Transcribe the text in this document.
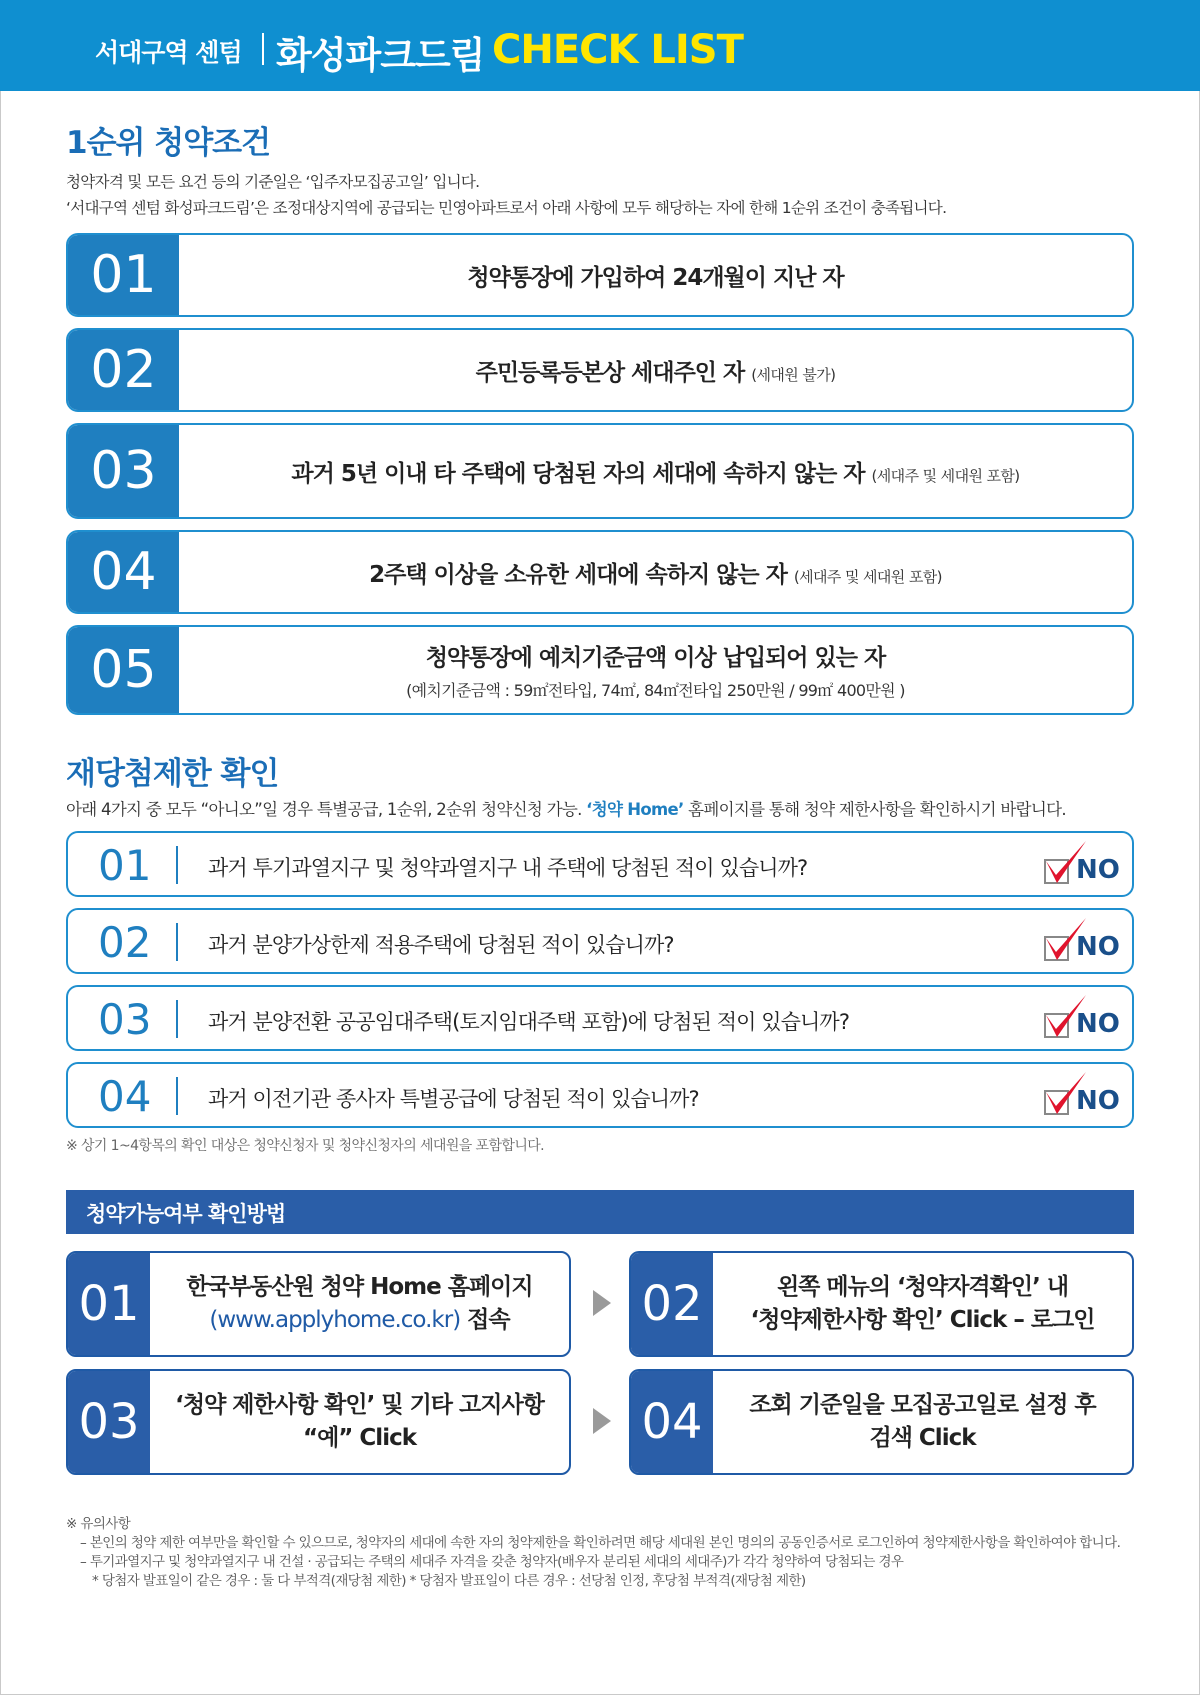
서대구역 센텀 화성파크드림 CHECK LIST
1순위 청약조건
청약자격 및 모든 요건 등의 기준일은 ‘입주자모집공고일’ 입니다.
‘서대구역 센텀 화성파크드림’은 조정대상지역에 공급되는 민영아파트로서 아래 사항에 모두 해당하는 자에 한해 1순위 조건이 충족됩니다.
01	청약통장에 가입하여 24개월이 지난 자
02	주민등록등본상 세대주인 자 (세대원 불가)
03	과거 5년 이내 타 주택에 당첨된 자의 세대에 속하지 않는 자 (세대주 및 세대원 포함)
04	2주택 이상을 소유한 세대에 속하지 않는 자 (세대주 및 세대원 포함)
05	청약통장에 예치기준금액 이상 납입되어 있는 자
(예치기준금액 : 59㎡전타입, 74㎡, 84㎡전타입 250만원 / 99㎡ 400만원 )
재당첨제한 확인
아래 4가지 중 모두 “아니오”일 경우 특별공급, 1순위, 2순위 청약신청 가능. ‘청약 Home’ 홈페이지를 통해 청약 제한사항을 확인하시기 바랍니다.
01	과거 투기과열지구 및 청약과열지구 내 주택에 당첨된 적이 있습니까?	NO
02	과거 분양가상한제 적용주택에 당첨된 적이 있습니까?	NO
03	과거 분양전환 공공임대주택(토지임대주택 포함)에 당첨된 적이 있습니까?	NO
04	과거 이전기관 종사자 특별공급에 당첨된 적이 있습니까?	NO
※ 상기 1~4항목의 확인 대상은 청약신청자 및 청약신청자의 세대원을 포함합니다.
청약가능여부 확인방법
01	한국부동산원 청약 Home 홈페이지
(www.applyhome.co.kr) 접속	02	왼쪽 메뉴의 ‘청약자격확인’ 내
‘청약제한사항 확인’ Click – 로그인
03	‘청약 제한사항 확인’ 및 기타 고지사항
“예” Click	04	조회 기준일을 모집공고일로 설정 후
검색 Click
※ 유의사항
– 본인의 청약 제한 여부만을 확인할 수 있으므로, 청약자의 세대에 속한 자의 청약제한을 확인하려면 해당 세대원 본인 명의의 공동인증서로 로그인하여 청약제한사항을 확인하여야 합니다.
– 투기과열지구 및 청약과열지구 내 건설 · 공급되는 주택의 세대주 자격을 갖춘 청약자(배우자 분리된 세대의 세대주)가 각각 청약하여 당첨되는 경우
* 당첨자 발표일이 같은 경우 : 둘 다 부적격(재당첨 제한) * 당첨자 발표일이 다른 경우 : 선당첨 인정, 후당첨 부적격(재당첨 제한)
